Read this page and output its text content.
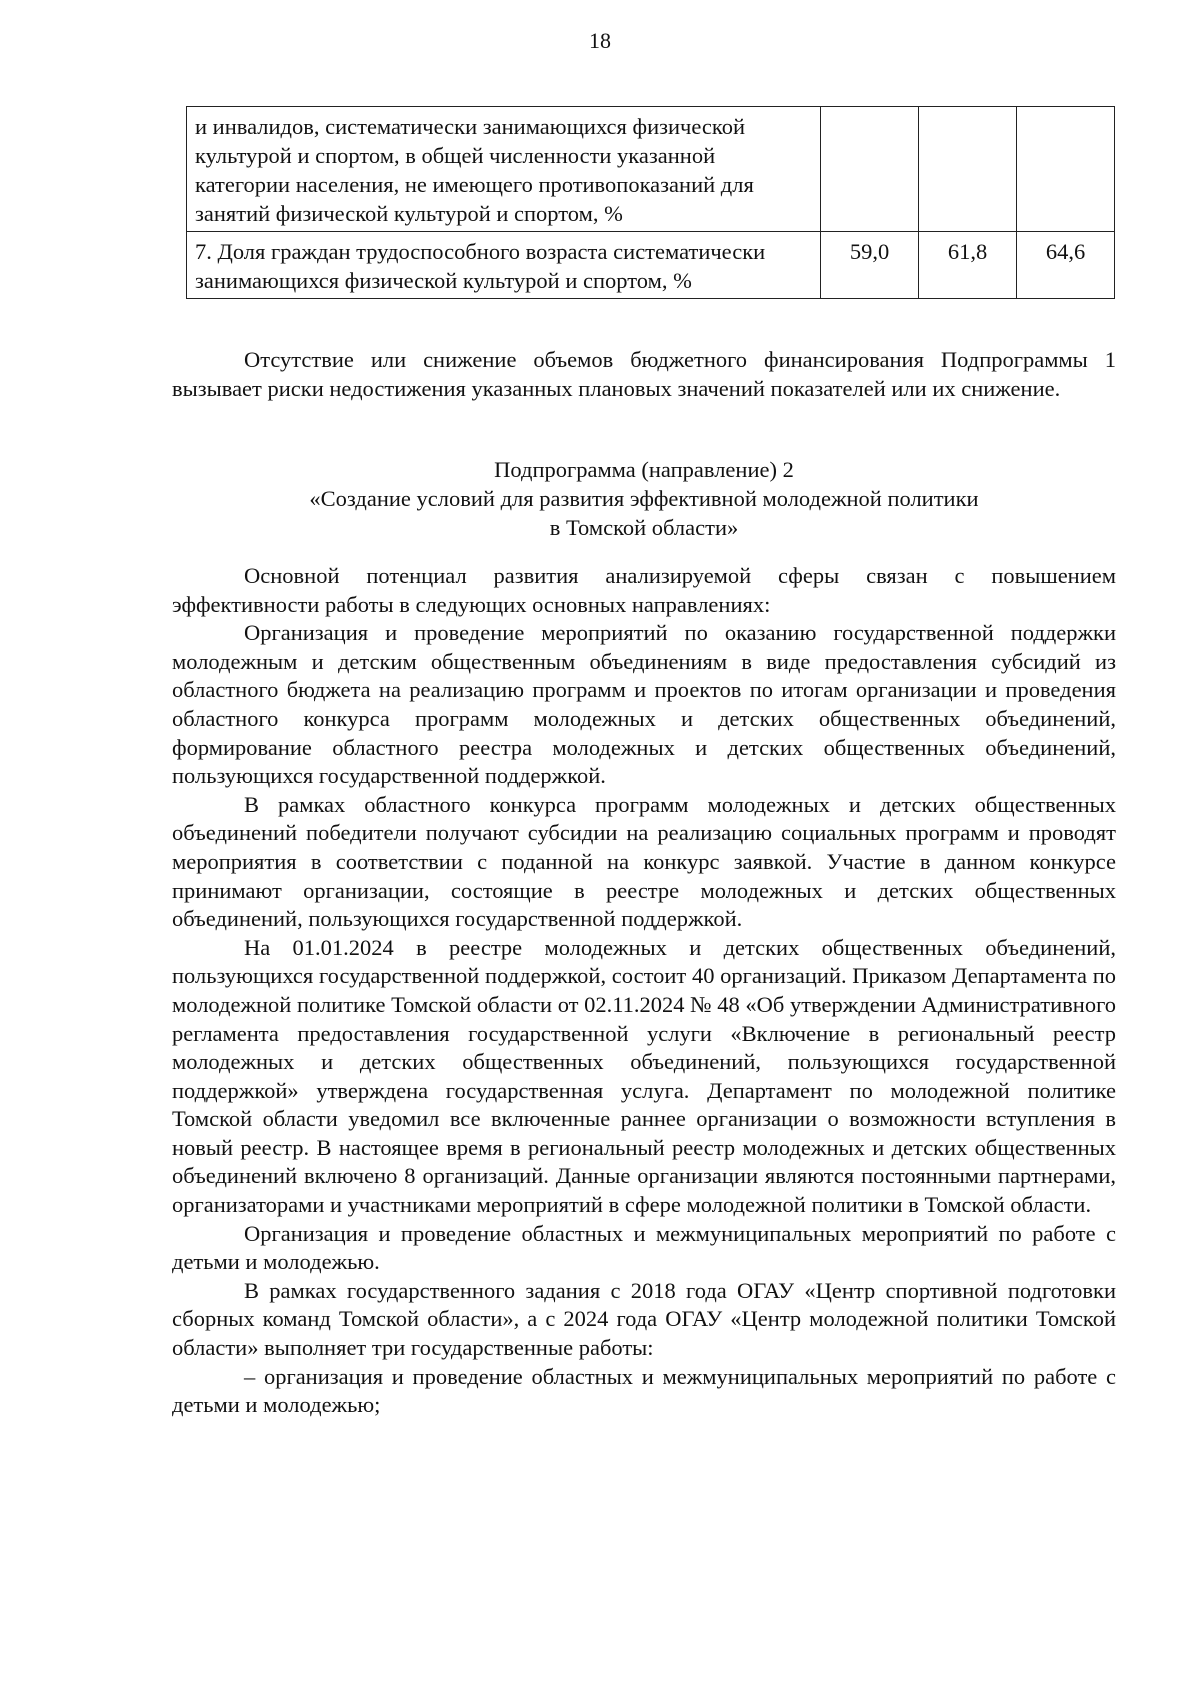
18
и инвалидов, систематически занимающихся физической культурой и спортом, в общей численности указанной категории населения, не имеющего противопоказаний для занятий физической культурой и спортом, %			
7. Доля граждан трудоспособного возраста систематически занимающихся физической культурой и спортом, %	59,0	61,8	64,6

Отсутствие или снижение объемов бюджетного финансирования Подпрограммы 1 вызывает риски недостижения указанных плановых значений показателей или их снижение.

Подпрограмма (направление) 2
«Создание условий для развития эффективной молодежной политики
в Томской области»

Основной потенциал развития анализируемой сферы связан с повышением эффективности работы в следующих основных направлениях:

Организация и проведение мероприятий по оказанию государственной поддержки молодежным и детским общественным объединениям в виде предоставления субсидий из областного бюджета на реализацию программ и проектов по итогам организации и проведения областного конкурса программ молодежных и детских общественных объединений, формирование областного реестра молодежных и детских общественных объединений, пользующихся государственной поддержкой.

В рамках областного конкурса программ молодежных и детских общественных объединений победители получают субсидии на реализацию социальных программ и проводят мероприятия в соответствии с поданной на конкурс заявкой. Участие в данном конкурсе принимают организации, состоящие в реестре молодежных и детских общественных объединений, пользующихся государственной поддержкой.

На 01.01.2024 в реестре молодежных и детских общественных объединений, пользующихся государственной поддержкой, состоит 40 организаций. Приказом Департамента по молодежной политике Томской области от 02.11.2024 № 48 «Об утверждении Административного регламента предоставления государственной услуги «Включение в региональный реестр молодежных и детских общественных объединений, пользующихся государственной поддержкой» утверждена государственная услуга. Департамент по молодежной политике Томской области уведомил все включенные раннее организации о возможности вступления в новый реестр. В настоящее время в региональный реестр молодежных и детских общественных объединений включено 8 организаций. Данные организации являются постоянными партнерами, организаторами и участниками мероприятий в сфере молодежной политики в Томской области.

Организация и проведение областных и межмуниципальных мероприятий по работе с детьми и молодежью.

В рамках государственного задания с 2018 года ОГАУ «Центр спортивной подготовки сборных команд Томской области», а с 2024 года ОГАУ «Центр молодежной политики Томской области» выполняет три государственные работы:

– организация и проведение областных и межмуниципальных мероприятий по работе с детьми и молодежью;
